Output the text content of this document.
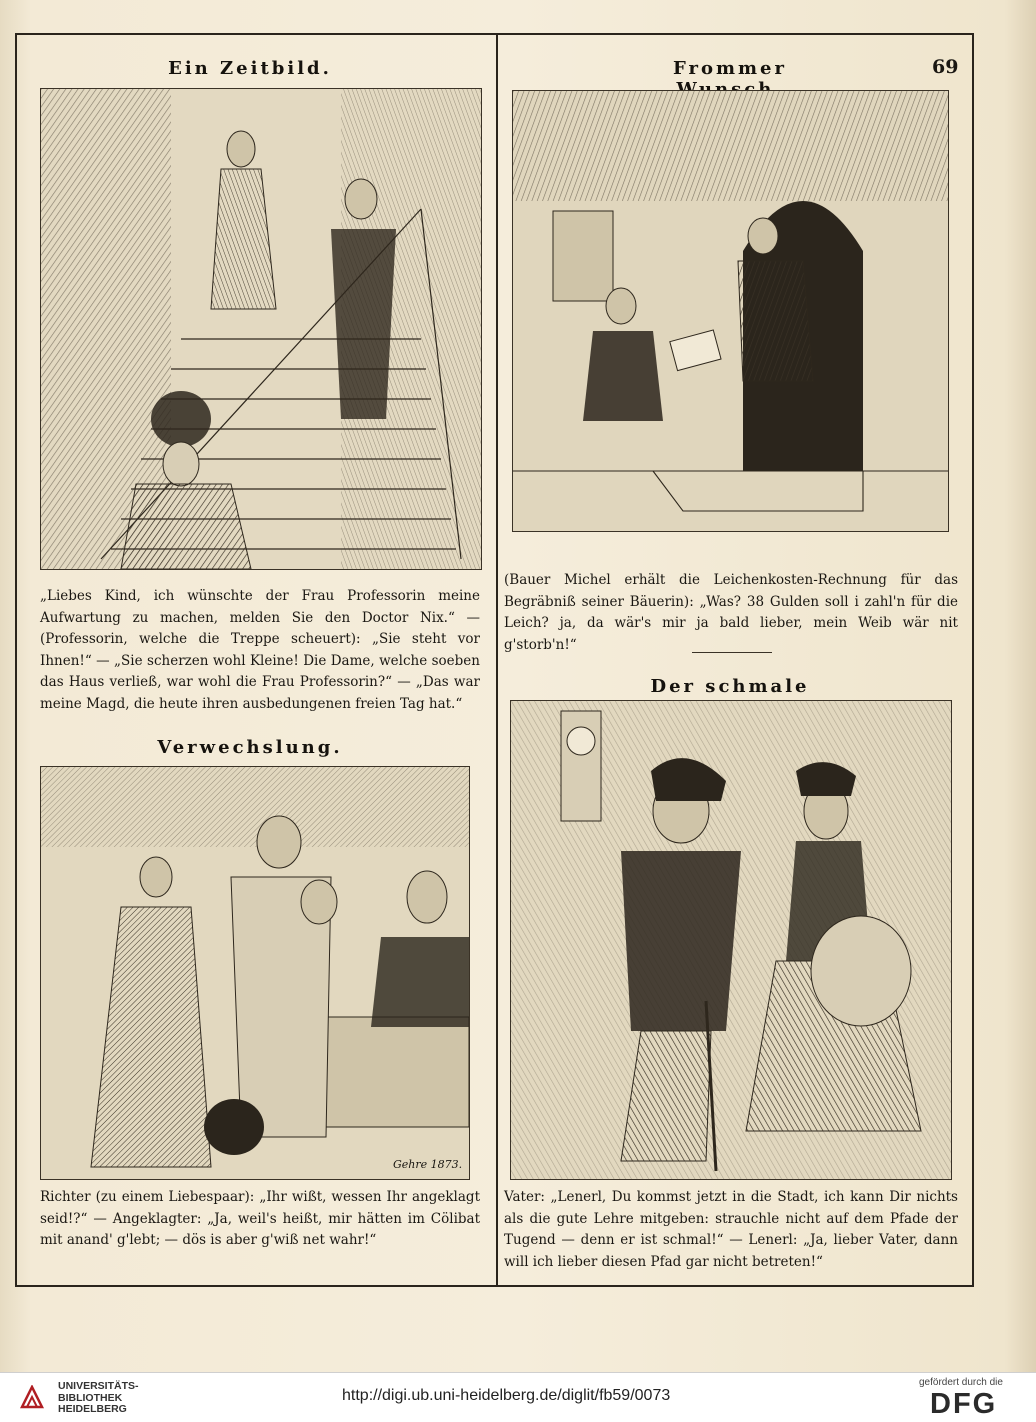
69
Ein Zeitbild.
„Liebes Kind, ich wünschte der Frau Professorin meine Aufwartung zu machen, melden Sie den Doctor Nix.“ — (Professorin, welche die Treppe scheuert): „Sie steht vor Ihnen!“ — „Sie scherzen wohl Kleine! Die Dame, welche soeben das Haus verließ, war wohl die Frau Professorin?“ — „Das war meine Magd, die heute ihren ausbedungenen freien Tag hat.“
Frommer
(Bauer Michel erhält die Leichenkosten-Rechnung für das Begräbniß seiner Bäuerin): „Was? 38 Gulden soll i zahl'n für die Leich? ja, da wär's mir ja bald lieber, mein Weib wär nit g'storb'n!“
Verwechslung.
Gehre 1873.
Richter (zu einem Liebespaar): „Ihr wißt, wessen Ihr angeklagt seid!?“ — Angeklagter: „Ja, weil's heißt, mir hätten im Cölibat mit anand' g'lebt; — dös is aber g'wiß net wahr!“
Der schmale
Vater: „Lenerl, Du kommst jetzt in die Stadt, ich kann Dir nichts als die gute Lehre mitgeben: strauchle nicht auf dem Pfade der Tugend — denn er ist schmal!“ — Lenerl: „Ja, lieber Vater, dann will ich lieber diesen Pfad gar nicht betreten!“
UNIVERSITÄTS-
BIBLIOTHEK
HEIDELBERG
http://digi.ub.uni-heidelberg.de/diglit/fb59/0073
gefördert durch die
DFG
